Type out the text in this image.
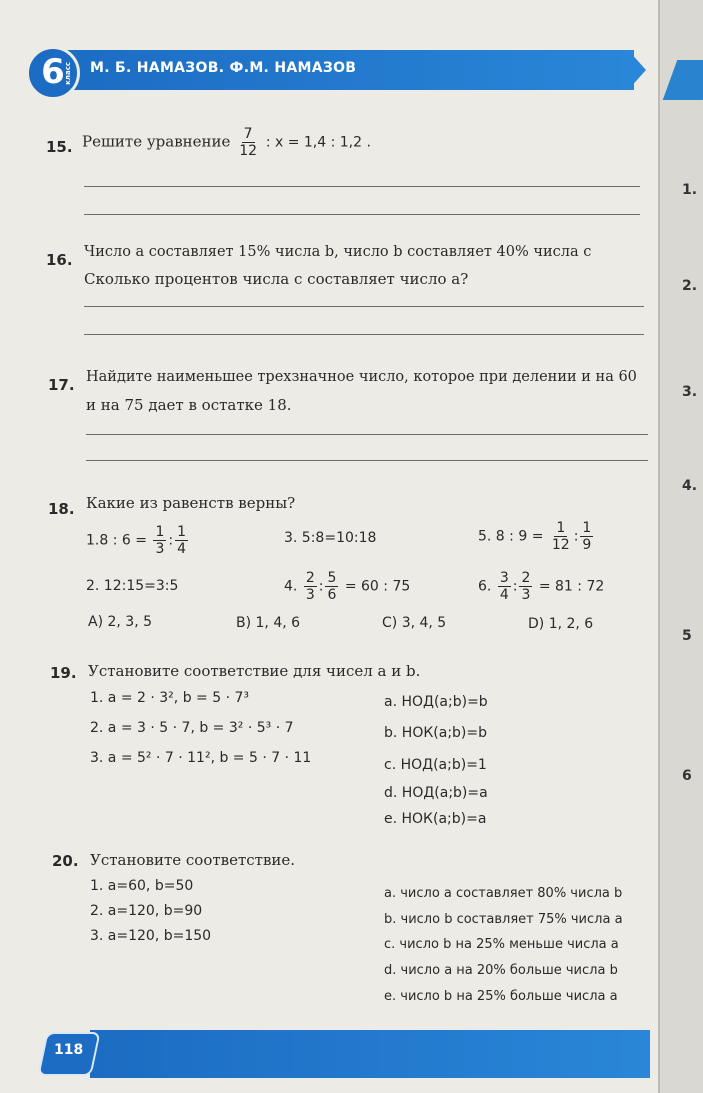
1.
2.
3.
4.
5
6
6 класс М. Б. НАМАЗОВ. Ф.М. НАМАЗОВ
15. Решите уравнение $\frac{7}{12}$ : x = 1,4 : 1,2 .
16. Число a составляет 15% числа b, число b составляет 40% числа c
Сколько процентов числа c составляет число a?
17. Найдите наименьшее трехзначное число, которое при делении и на 60
и на 75 дает в остатке 18.
18. Какие из равенств верны?
1.8 : $6 = \frac{1}{3}$ : $\frac{1}{4}$	3. 5:8=10:18	5. 8 : $9 = \frac{1}{12}$ : $\frac{1}{9}$
2. 12:15=3:5	4. $\frac{2}{3}$ : $\frac{5}{6} = 60$ : 75	6. $\frac{3}{4}$ : $\frac{2}{3} = 81$ : 72
A) 2, 3, 5	B) 1, 4, 6	C) 3, 4, 5	D) 1, 2, 6
19. Установите соответствие для чисел a и b.
1. a = 2 · 3², b = 5 · 7³
2. a = 3 · 5 · 7, b = 3² · 5³ · 7
3. a = 5² · 7 · 11², b = 5 · 7 · 11
a. НОД(a;b)=b
b. НОК(a;b)=b
c. НОД(a;b)=1
d. НОД(a;b)=a
e. НОК(a;b)=a
20. Установите соответствие.
1. a=60, b=50
2. a=120, b=90
3. a=120, b=150
a. число a составляет 80% числа b
b. число b составляет 75% числа a
c. число b на 25% меньше числа a
d. число a на 20% больше числа b
e. число b на 25% больше числа a
118
